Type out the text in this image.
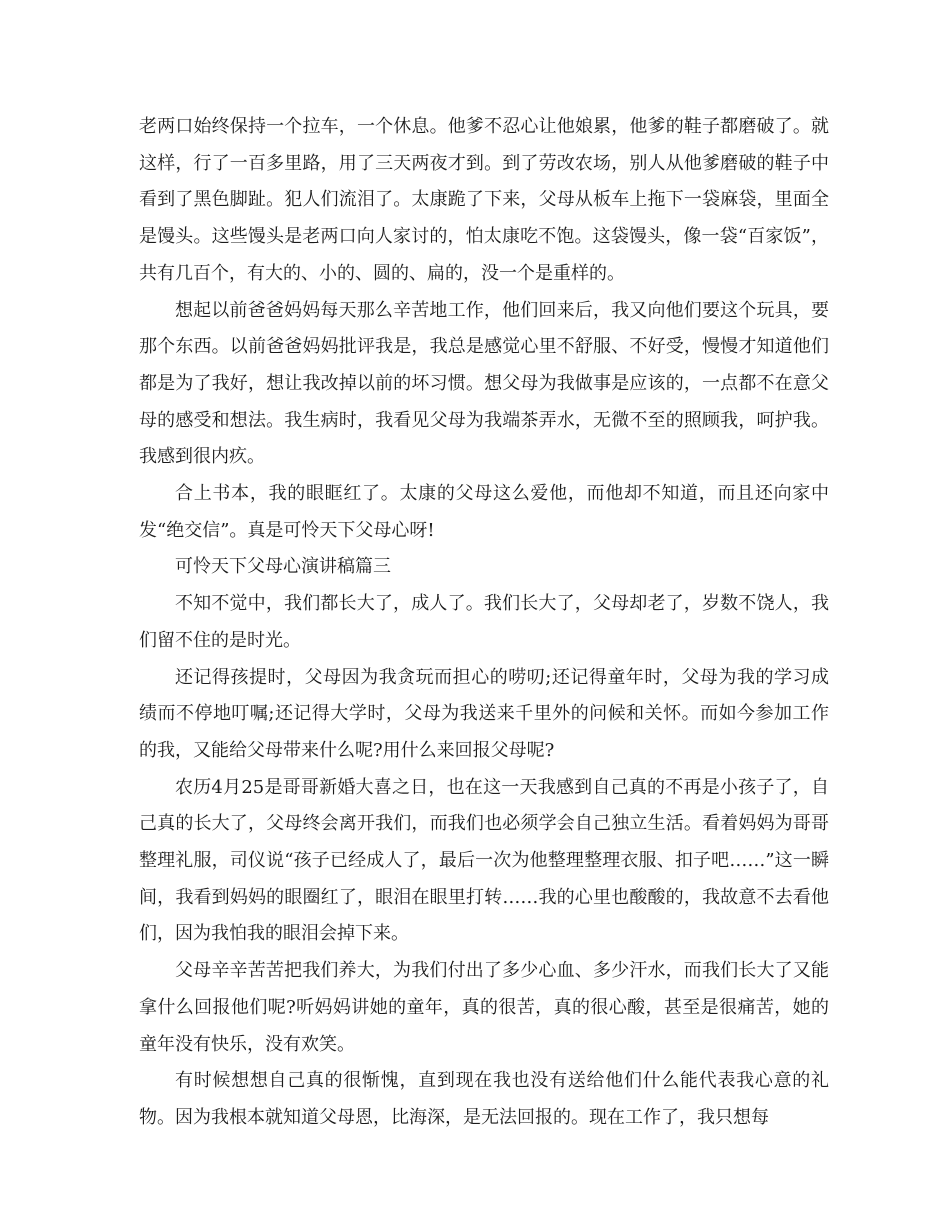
老两口始终保持一个拉车，一个休息。他爹不忍心让他娘累，他爹的鞋子都磨破了。就这样，行了一百多里路，用了三天两夜才到。到了劳改农场，别人从他爹磨破的鞋子中看到了黑色脚趾。犯人们流泪了。太康跪了下来，父母从板车上拖下一袋麻袋，里面全是馒头。这些馒头是老两口向人家讨的，怕太康吃不饱。这袋馒头，像一袋“百家饭”，共有几百个，有大的、小的、圆的、扁的，没一个是重样的。

想起以前爸爸妈妈每天那么辛苦地工作，他们回来后，我又向他们要这个玩具，要那个东西。以前爸爸妈妈批评我是，我总是感觉心里不舒服、不好受，慢慢才知道他们都是为了我好，想让我改掉以前的坏习惯。想父母为我做事是应该的，一点都不在意父母的感受和想法。我生病时，我看见父母为我端茶弄水，无微不至的照顾我，呵护我。我感到很内疚。

合上书本，我的眼眶红了。太康的父母这么爱他，而他却不知道，而且还向家中发“绝交信”。真是可怜天下父母心呀!

可怜天下父母心演讲稿篇三

不知不觉中，我们都长大了，成人了。我们长大了，父母却老了，岁数不饶人，我们留不住的是时光。

还记得孩提时，父母因为我贪玩而担心的唠叨;还记得童年时，父母为我的学习成绩而不停地叮嘱;还记得大学时，父母为我送来千里外的问候和关怀。而如今参加工作的我，又能给父母带来什么呢?用什么来回报父母呢?

农历4月25是哥哥新婚大喜之日，也在这一天我感到自己真的不再是小孩子了，自己真的长大了，父母终会离开我们，而我们也必须学会自己独立生活。看着妈妈为哥哥整理礼服，司仪说“孩子已经成人了，最后一次为他整理整理衣服、扣子吧……”这一瞬间，我看到妈妈的眼圈红了，眼泪在眼里打转……我的心里也酸酸的，我故意不去看他们，因为我怕我的眼泪会掉下来。

父母辛辛苦苦把我们养大，为我们付出了多少心血、多少汗水，而我们长大了又能拿什么回报他们呢?听妈妈讲她的童年，真的很苦，真的很心酸，甚至是很痛苦，她的童年没有快乐，没有欢笑。

有时候想想自己真的很惭愧，直到现在我也没有送给他们什么能代表我心意的礼物。因为我根本就知道父母恩，比海深，是无法回报的。现在工作了，我只想每
